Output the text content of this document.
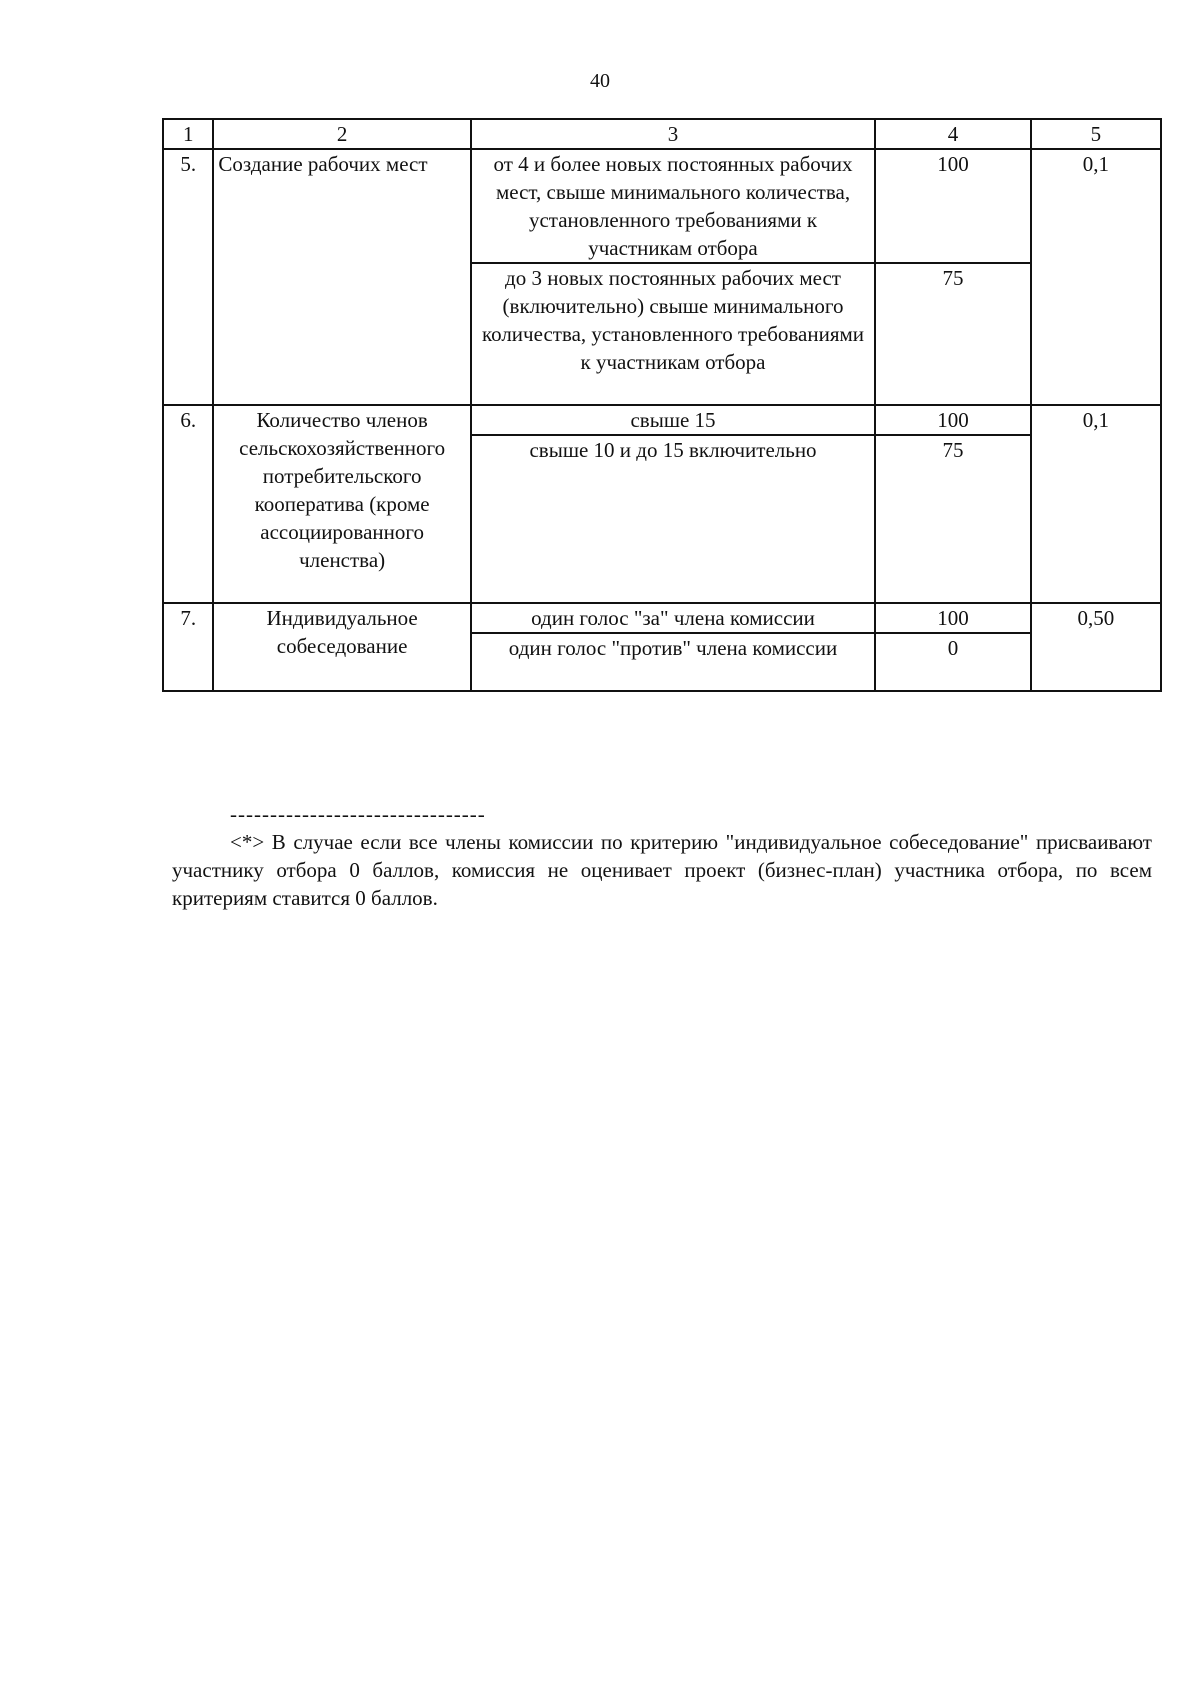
40
1	2	3	4	5
5.	Создание рабочих мест	от 4 и более новых постоянных рабочих мест, свыше минимального количества, установленного требованиями к участникам отбора	100	0,1
		до 3 новых постоянных рабочих мест (включительно) свыше минимального количества, установленного требованиями к участникам отбора	75	
6.	Количество членов сельскохозяйственного потребительского кооператива (кроме ассоциированного членства)	свыше 15	100	0,1
		свыше 10 и до 15 включительно	75	
7.	Индивидуальное собеседование	один голос "за" члена комиссии	100	0,50
		один голос "против" члена комиссии	0	
--------------------------------

<*> В случае если все члены комиссии по критерию "индивидуальное собеседование" присваивают участнику отбора 0 баллов, комиссия не оценивает проект (бизнес-план) участника отбора, по всем критериям ставится 0 баллов.
